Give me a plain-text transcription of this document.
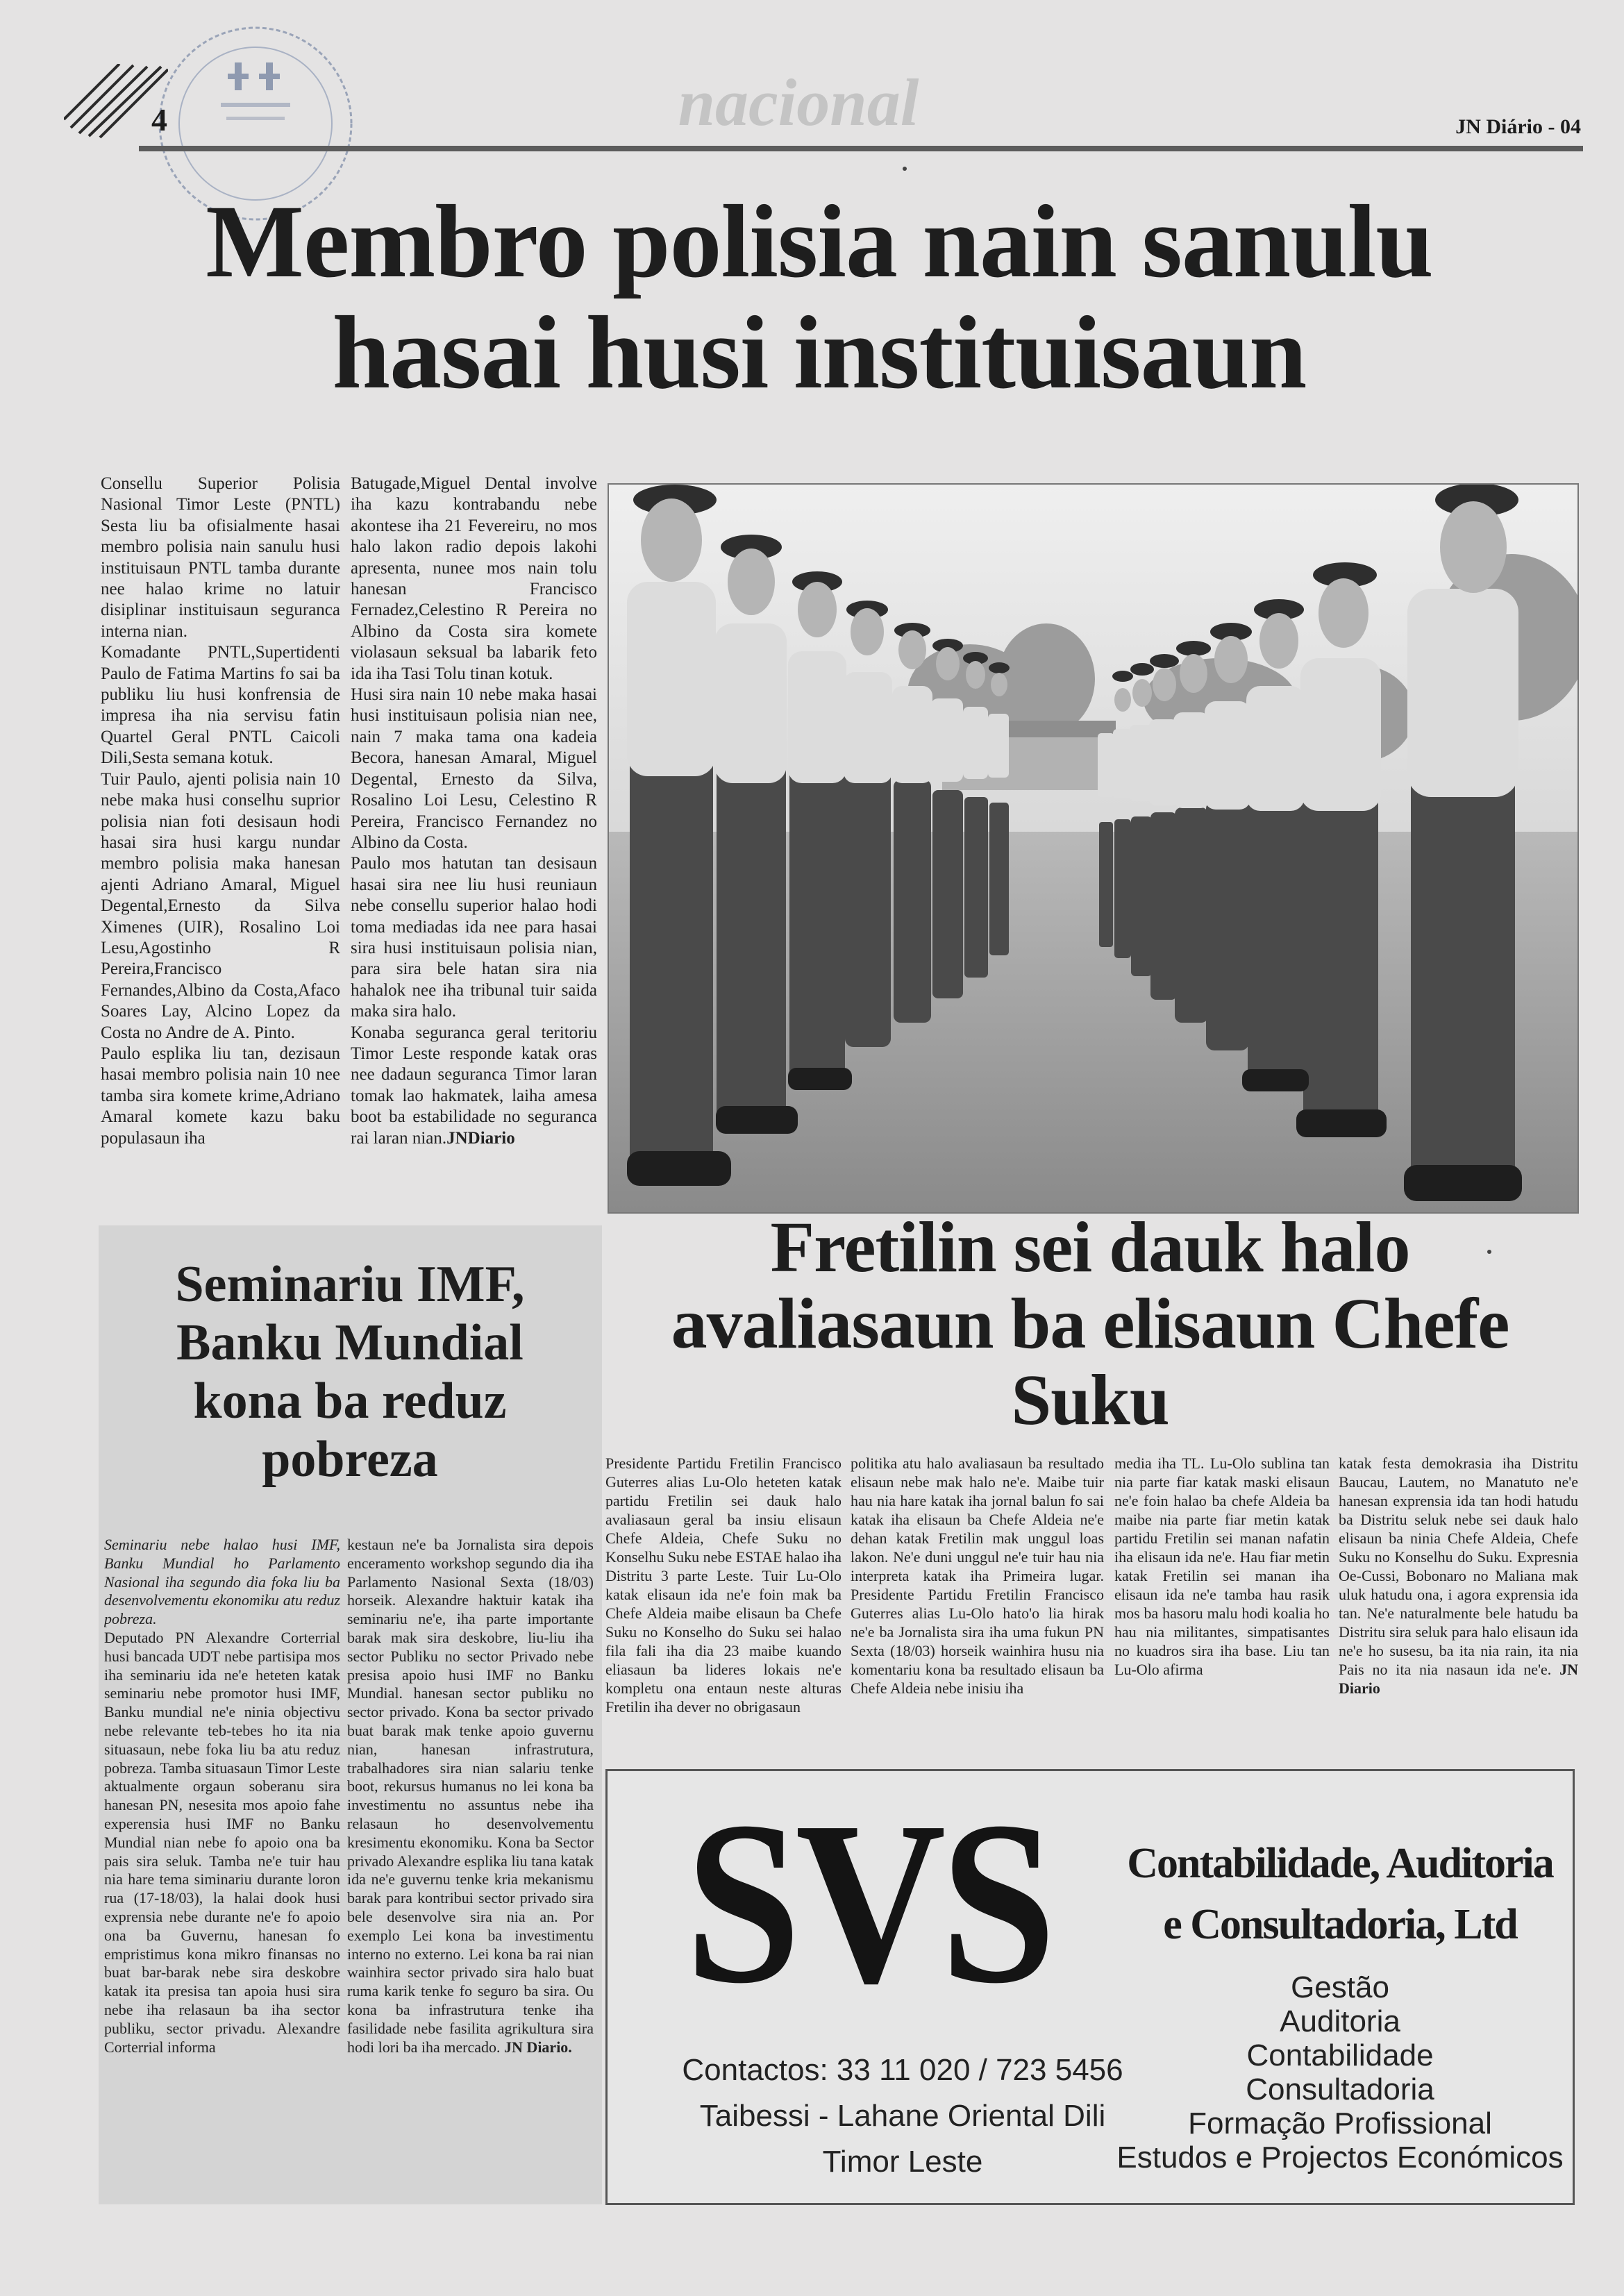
4	nacional	JN Diário - 04
Membro polisia nain sanulu
hasai husi instituisaun

Consellu Superior Polisia Nasional Timor Leste (PNTL) Sesta liu ba ofisialmente hasai membro polisia nain sanulu husi instituisaun PNTL tamba durante nee halao krime no latuir disiplinar instituisaun seguranca interna nian.

Komadante PNTL,Supertidenti Paulo de Fatima Martins fo sai ba publiku liu husi konfrensia de impresa iha nia servisu fatin Quartel Geral PNTL Caicoli Dili,Sesta semana kotuk.

Tuir Paulo, ajenti polisia nain 10 nebe maka husi conselhu suprior polisia nian foti desisaun hodi hasai sira husi kargu nundar membro polisia maka hanesan ajenti Adriano Amaral, Miguel Degental,Ernesto da Silva Ximenes (UIR), Rosalino Loi Lesu,Agostinho R Pereira,Francisco Fernandes,Albino da Costa,Afaco Soares Lay, Alcino Lopez da Costa no Andre de A. Pinto.

Paulo esplika liu tan, dezisaun hasai membro polisia nain 10 nee tamba sira komete krime,Adriano Amaral komete kazu baku populasaun iha

Batugade,Miguel Dental involve iha kazu kontrabandu nebe akontese iha 21 Fevereiru, no mos halo lakon radio depois lakohi apresenta, nunee mos nain tolu hanesan Francisco Fernadez,Celestino R Pereira no Albino da Costa sira komete violasaun seksual ba labarik feto ida iha Tasi Tolu tinan kotuk.

Husi sira nain 10 nebe maka hasai husi instituisaun polisia nian nee, nain 7 maka tama ona kadeia Becora, hanesan Amaral, Miguel Degental, Ernesto da Silva, Rosalino Loi Lesu, Celestino R Pereira, Francisco Fernandez no Albino da Costa.

Paulo mos hatutan tan desisaun hasai sira nee liu husi reuniaun nebe consellu superior halao hodi toma mediadas ida nee para hasai sira husi instituisaun polisia nian, para sira bele hatan sira nia hahalok nee iha tribunal tuir saida maka sira halo.

Konaba seguranca geral teritoriu Timor Leste responde katak oras nee dadaun seguranca Timor laran tomak lao hakmatek, laiha amesa boot ba estabilidade no seguranca rai laran nian.JNDiario

Fretilin sei dauk halo
avaliasaun ba elisaun Chefe
Suku

Presidente Partidu Fretilin Francisco Guterres alias Lu-Olo heteten katak partidu Fretilin sei dauk halo avaliasaun geral ba insiu elisaun Chefe Aldeia, Chefe Suku no Konselhu Suku nebe ESTAE halao iha Distritu 3 parte Leste. Tuir Lu-Olo katak elisaun ida ne'e foin mak ba Chefe Aldeia maibe elisaun ba Chefe Suku no Konselho do Suku sei halao fila fali iha dia 23 maibe kuando eliasaun ba lideres lokais ne'e kompletu ona entaun neste alturas Fretilin iha dever no obrigasaun

politika atu halo avaliasaun ba resultado elisaun nebe mak halo ne'e. Maibe tuir hau nia hare katak iha jornal balun fo sai katak iha elisaun ba Chefe Aldeia ne'e dehan katak Fretilin mak unggul loas lakon. Ne'e duni unggul ne'e tuir hau nia interpreta katak iha Primeira lugar. Presidente Partidu Fretilin Francisco Guterres alias Lu-Olo hato'o lia hirak ne'e ba Jornalista sira iha uma fukun PN Sexta (18/03) horseik wainhira husu nia komentariu kona ba resultado elisaun ba Chefe Aldeia nebe inisiu iha

media iha TL. Lu-Olo sublina tan nia parte fiar katak maski elisaun ne'e foin halao ba chefe Aldeia ba maibe nia parte fiar metin katak partidu Fretilin sei manan nafatin iha elisaun ida ne'e. Hau fiar metin katak Fretilin sei manan iha elisaun ida ne'e tamba hau rasik mos ba hasoru malu hodi koalia ho hau nia militantes, simpatisantes no kuadros sira iha base. Liu tan Lu-Olo afirma

katak festa demokrasia iha Distritu Baucau, Lautem, no Manatuto ne'e hanesan exprensia ida tan hodi hatudu ba Distritu seluk nebe sei dauk halo elisaun ba ninia Chefe Aldeia, Chefe Suku no Konselhu do Suku. Expresnia Oe-Cussi, Bobonaro no Maliana mak uluk hatudu ona, i agora exprensia ida tan. Ne'e naturalmente bele hatudu ba Distritu sira seluk para halo elisaun ida ne'e ho susesu, ba ita nia rain, ita nia Pais no ita nia nasaun ida ne'e. JN Diario

Seminariu IMF,
Banku Mundial
kona ba reduz
pobreza

Seminariu nebe halao husi IMF, Banku Mundial ho Parlamento Nasional iha segundo dia foka liu ba desenvolvementu ekonomiku atu reduz pobreza.

Deputado PN Alexandre Corterrial husi bancada UDT nebe partisipa mos iha seminariu ida ne'e heteten katak seminariu nebe promotor husi IMF, Banku mundial ne'e ninia objectivu nebe relevante teb-tebes ho ita nia situasaun, nebe foka liu ba atu reduz pobreza. Tamba situasaun Timor Leste aktualmente orgaun soberanu sira hanesan PN, nesesita mos apoio fahe experensia husi IMF no Banku Mundial nian nebe fo apoio ona ba pais sira seluk. Tamba ne'e tuir hau nia hare tema siminariu durante loron rua (17-18/03), la halai dook husi exprensia nebe durante ne'e fo apoio ona ba Guvernu, hanesan fo empristimus kona mikro finansas no buat bar-barak nebe sira deskobre katak ita presisa tan apoia husi sira nebe iha relasaun ba iha sector publiku, sector privadu. Alexandre Corterrial informa

kestaun ne'e ba Jornalista sira depois enceramento workshop segundo dia iha Parlamento Nasional Sexta (18/03) horseik. Alexandre haktuir katak iha seminariu ne'e, iha parte importante barak mak sira deskobre, liu-liu iha sector Publiku no sector Privado nebe presisa apoio husi IMF no Banku Mundial. hanesan sector publiku no sector privado. Kona ba sector privado buat barak mak tenke apoio guvernu nian, hanesan infrastrutura, trabalhadores sira nian salariu tenke boot, rekursus humanus no lei kona ba investimentu no assuntus nebe iha relasaun ho desenvolvementu kresimentu ekonomiku. Kona ba Sector privado Alexandre esplika liu tana katak ida ne'e guvernu tenke kria mekanismu barak para kontribui sector privado sira bele desenvolve sira nia an. Por exemplo Lei kona ba investimentu interno no externo. Lei kona ba rai nian wainhira sector privado sira halo buat ruma karik tenke fo seguro ba sira. Ou kona ba infrastrutura tenke iha fasilidade nebe fasilita agrikultura sira hodi lori ba iha mercado. JN Diario.

SVS	Contabilidade, Auditoria
e Consultadoria, Ltd
Gestão
Auditoria
Contabilidade
Consultadoria
Formação Profissional
Estudos e Projectos Económicos
Contactos: 33 11 020 / 723 5456
Taibessi - Lahane Oriental Dili
Timor Leste
